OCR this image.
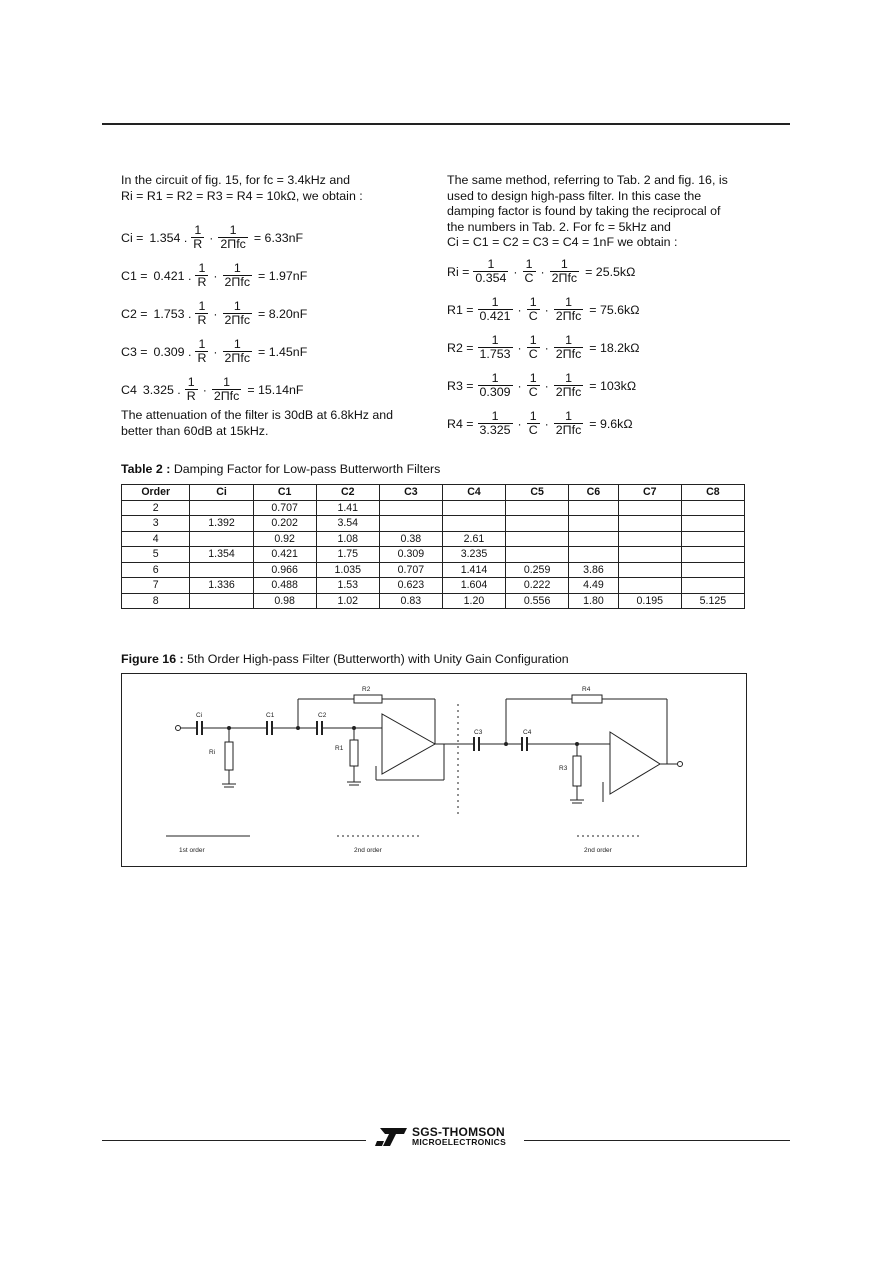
In the circuit of fig. 15, for fc = 3.4kHz and

Ri = R1 = R2 = R3 = R4 = 10kΩ, we obtain :

Ci = 1.354 . $\frac{1}{R} \cdot \frac{1}{\text{2Πfc}} = 6.33nF$
C1 = 0.421 . $\frac{1}{R} \cdot \frac{1}{\text{2Πfc}} = 1.97nF$
C2 = 1.753 . $\frac{1}{R} \cdot \frac{1}{\text{2Πfc}} = 8.20nF$
C3 = 0.309 . $\frac{1}{R} \cdot \frac{1}{\text{2Πfc}} = 1.45nF$
C4 3.325 . $\frac{1}{R} \cdot \frac{1}{\text{2Πfc}} = 15.14nF$

The attenuation of the filter is 30dB at 6.8kHz and

better than 60dB at 15kHz.

The same method, referring to Tab. 2 and fig. 16, is

used to design high-pass filter. In this case the

damping factor is found by taking the reciprocal of

the numbers in Tab. 2. For fc = 5kHz and

Ci = C1 = C2 = C3 = C4 = 1nF we obtain :

$Ri = \frac{1}{0.354} \cdot \frac{1}{C} \cdot \frac{1}{\text{2Πfc}} = 25.5k\Omega$
$R1 = \frac{1}{0.421} \cdot \frac{1}{C} \cdot \frac{1}{\text{2Πfc}} = 75.6k\Omega$
$R2 = \frac{1}{1.753} \cdot \frac{1}{C} \cdot \frac{1}{\text{2Πfc}} = 18.2k\Omega$
$R3 = \frac{1}{0.309} \cdot \frac{1}{C} \cdot \frac{1}{\text{2Πfc}} = 103k\Omega$
$R4 = \frac{1}{3.325} \cdot \frac{1}{C} \cdot \frac{1}{\text{2Πfc}} = 9.6k\Omega$
Table 2 : Damping Factor for Low-pass Butterworth Filters
Order	Ci	C1	C2	C3	C4	C5	C6	C7	C8
2		0.707	1.41						
3	1.392	0.202	3.54						
4		0.92	1.08	0.38	2.61				
5	1.354	0.421	1.75	0.309	3.235				
6		0.966	1.035	0.707	1.414	0.259	3.86		
7	1.336	0.488	1.53	0.623	1.604	0.222	4.49		
8		0.98	1.02	0.83	1.20	0.556	1.80	0.195	5.125
Figure 16 : 5th Order High-pass Filter (Butterworth) with Unity Gain Configuration
Ci
Ri
C1	C2
R2
R1
C3	C4
R4
R3
1st order	2nd order	2nd order
SGS-THOMSON
MICROELECTRONICS
